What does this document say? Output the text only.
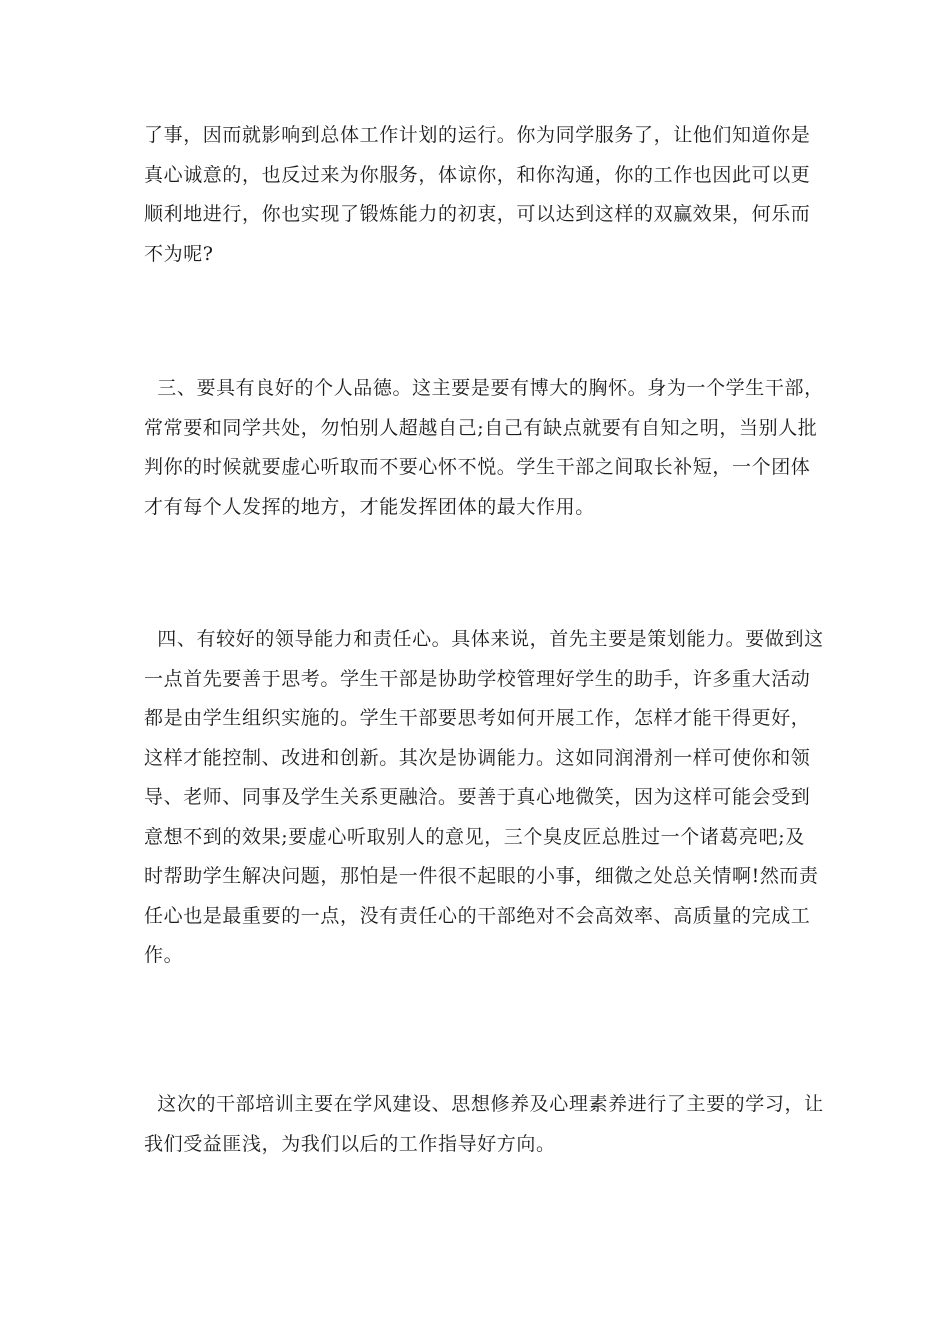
了事，因而就影响到总体工作计划的运行。你为同学服务了，让他们知道你是
真心诚意的，也反过来为你服务，体谅你，和你沟通，你的工作也因此可以更
顺利地进行，你也实现了锻炼能力的初衷，可以达到这样的双赢效果，何乐而
不为呢?

三、要具有良好的个人品德。这主要是要有博大的胸怀。身为一个学生干部，
常常要和同学共处，勿怕别人超越自己;自己有缺点就要有自知之明，当别人批
判你的时候就要虚心听取而不要心怀不悦。学生干部之间取长补短，一个团体
才有每个人发挥的地方，才能发挥团体的最大作用。

四、有较好的领导能力和责任心。具体来说，首先主要是策划能力。要做到这
一点首先要善于思考。学生干部是协助学校管理好学生的助手，许多重大活动
都是由学生组织实施的。学生干部要思考如何开展工作，怎样才能干得更好，
这样才能控制、改进和创新。其次是协调能力。这如同润滑剂一样可使你和领
导、老师、同事及学生关系更融洽。要善于真心地微笑，因为这样可能会受到
意想不到的效果;要虚心听取别人的意见，三个臭皮匠总胜过一个诸葛亮吧;及
时帮助学生解决问题，那怕是一件很不起眼的小事，细微之处总关情啊!然而责
任心也是最重要的一点，没有责任心的干部绝对不会高效率、高质量的完成工
作。

这次的干部培训主要在学风建设、思想修养及心理素养进行了主要的学习，让
我们受益匪浅，为我们以后的工作指导好方向。
